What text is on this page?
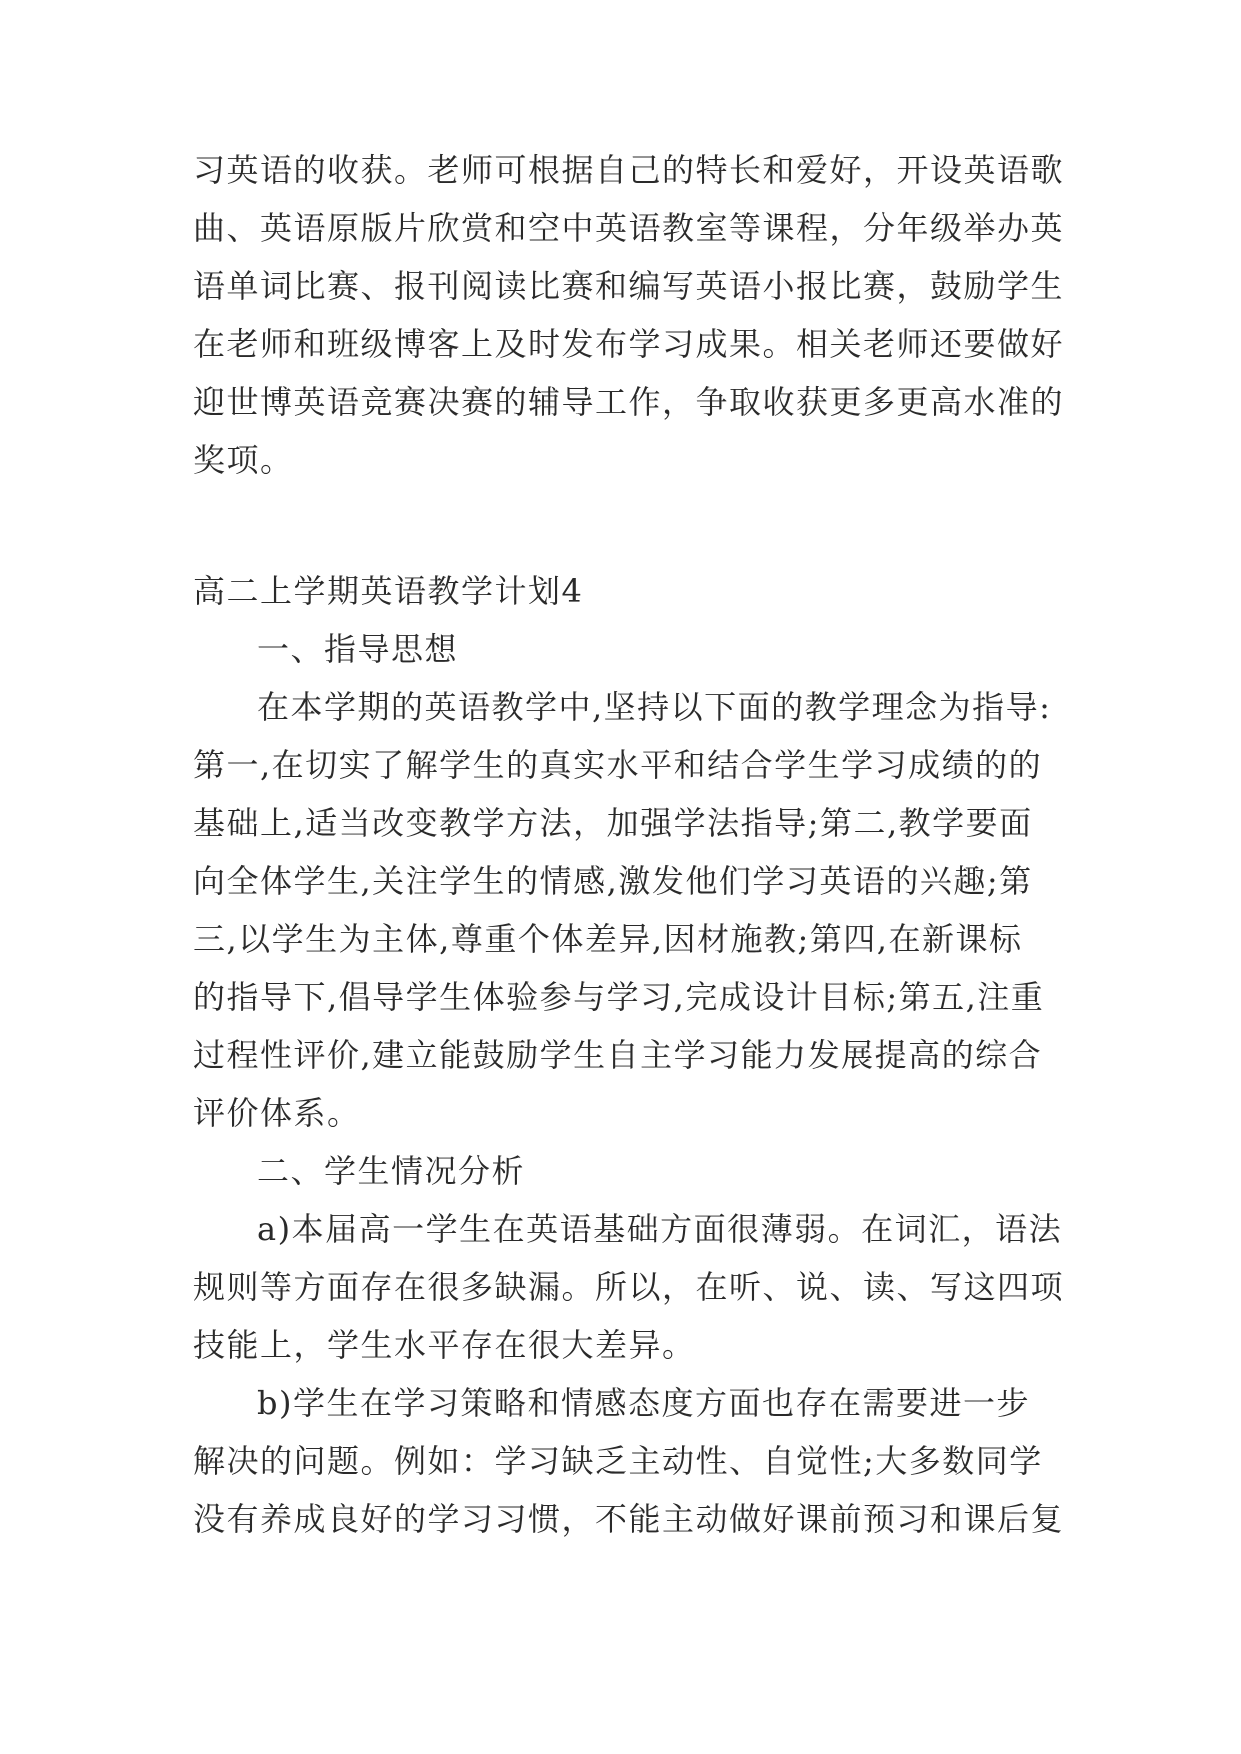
习英语的收获。老师可根据自己的特长和爱好，开设英语歌
曲、英语原版片欣赏和空中英语教室等课程，分年级举办英
语单词比赛、报刊阅读比赛和编写英语小报比赛，鼓励学生
在老师和班级博客上及时发布学习成果。相关老师还要做好
迎世博英语竞赛决赛的辅导工作，争取收获更多更高水准的
奖项。
高二上学期英语教学计划4
一、指导思想
在本学期的英语教学中,坚持以下面的教学理念为指导:
第一,在切实了解学生的真实水平和结合学生学习成绩的的
基础上,适当改变教学方法，加强学法指导;第二,教学要面
向全体学生,关注学生的情感,激发他们学习英语的兴趣;第
三,以学生为主体,尊重个体差异,因材施教;第四,在新课标
的指导下,倡导学生体验参与学习,完成设计目标;第五,注重
过程性评价,建立能鼓励学生自主学习能力发展提高的综合
评价体系。
二、学生情况分析
a)本届高一学生在英语基础方面很薄弱。在词汇，语法
规则等方面存在很多缺漏。所以，在听、说、读、写这四项
技能上，学生水平存在很大差异。
b)学生在学习策略和情感态度方面也存在需要进一步
解决的问题。例如：学习缺乏主动性、自觉性;大多数同学
没有养成良好的学习习惯，不能主动做好课前预习和课后复
